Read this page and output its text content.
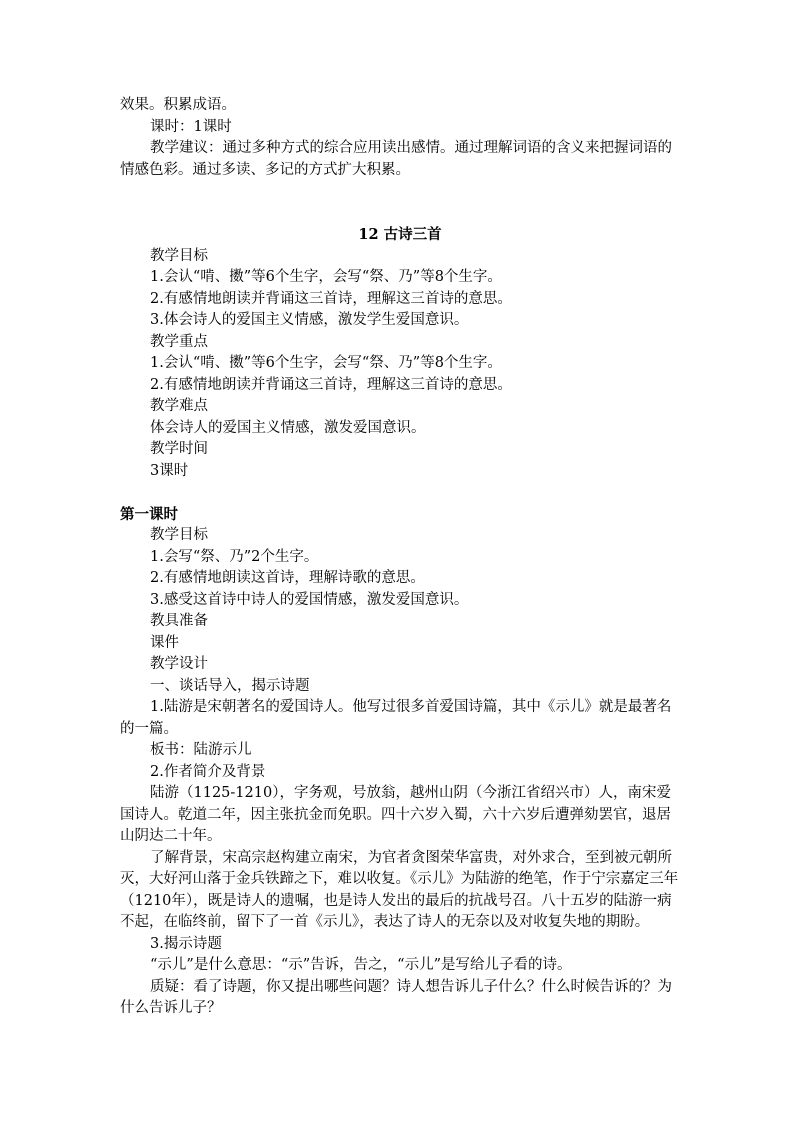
效果。积累成语。

课时：1课时

教学建议：通过多种方式的综合应用读出感情。通过理解词语的含义来把握词语的情感色彩。通过多读、多记的方式扩大积累。

12 古诗三首

教学目标

1.会认“啃、擞”等6个生字，会写“祭、乃”等8个生字。

2.有感情地朗读并背诵这三首诗，理解这三首诗的意思。

3.体会诗人的爱国主义情感，激发学生爱国意识。

教学重点

1.会认“啃、擞”等6个生字，会写“祭、乃”等8个生字。

2.有感情地朗读并背诵这三首诗，理解这三首诗的意思。

教学难点

体会诗人的爱国主义情感，激发爱国意识。

教学时间

3课时

第一课时

教学目标

1.会写“祭、乃”2个生字。

2.有感情地朗读这首诗，理解诗歌的意思。

3.感受这首诗中诗人的爱国情感，激发爱国意识。

教具准备

课件

教学设计

一、谈话导入，揭示诗题

1.陆游是宋朝著名的爱国诗人。他写过很多首爱国诗篇，其中《示儿》就是最著名的一篇。

板书：陆游示儿

2.作者简介及背景

陆游（1125-1210），字务观，号放翁，越州山阴（今浙江省绍兴市）人，南宋爱国诗人。乾道二年，因主张抗金而免职。四十六岁入蜀，六十六岁后遭弹劾罢官，退居山阴达二十年。

了解背景，宋高宗赵构建立南宋，为官者贪图荣华富贵，对外求合，至到被元朝所灭，大好河山落于金兵铁蹄之下，难以收复。《示儿》为陆游的绝笔，作于宁宗嘉定三年（1210年），既是诗人的遗嘱，也是诗人发出的最后的抗战号召。八十五岁的陆游一病不起，在临终前，留下了一首《示儿》，表达了诗人的无奈以及对收复失地的期盼。

3.揭示诗题

“示儿”是什么意思：“示”告诉，告之，“示儿”是写给儿子看的诗。

质疑：看了诗题，你又提出哪些问题？诗人想告诉儿子什么？什么时候告诉的？为什么告诉儿子？
